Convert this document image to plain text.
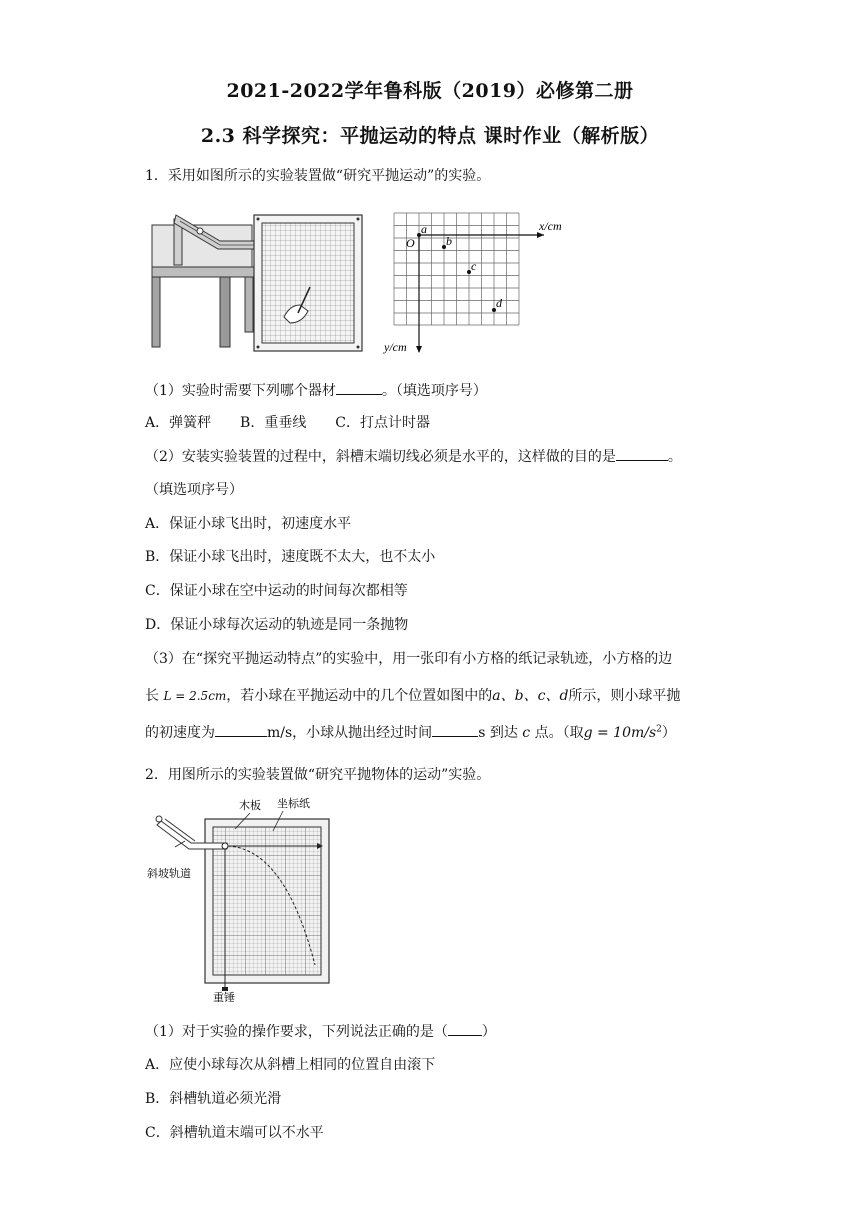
2021-2022学年鲁科版（2019）必修第二册
2.3 科学探究：平抛运动的特点 课时作业（解析版）
1．采用如图所示的实验装置做“研究平抛运动”的实验。
x/cm
y/cm
O
a
b
c
d
（1）实验时需要下列哪个器材	。（填选项序号）
A．弹簧秤 B．重垂线 C．打点计时器
（2）安装实验装置的过程中，斜槽末端切线必须是水平的，这样做的目的是	。
（填选项序号）
A．保证小球飞出时，初速度水平
B．保证小球飞出时，速度既不太大，也不太小
C．保证小球在空中运动的时间每次都相等
D．保证小球每次运动的轨迹是同一条抛物
（3）在“探究平抛运动特点”的实验中，用一张印有小方格的纸记录轨迹，小方格的边
长 L = 2.5cm，若小球在平抛运动中的几个位置如图中的a、b、c、d所示，则小球平抛
的初速度为	m/s，小球从抛出经过时间	s 到达 c 点。（取$g = 10m/s^2$）
2．用图所示的实验装置做“研究平抛物体的运动”实验。
木板 坐标纸
斜坡轨道
重锤
（1）对于实验的操作要求，下列说法正确的是（ ）
A．应使小球每次从斜槽上相同的位置自由滚下
B．斜槽轨道必须光滑
C．斜槽轨道末端可以不水平
